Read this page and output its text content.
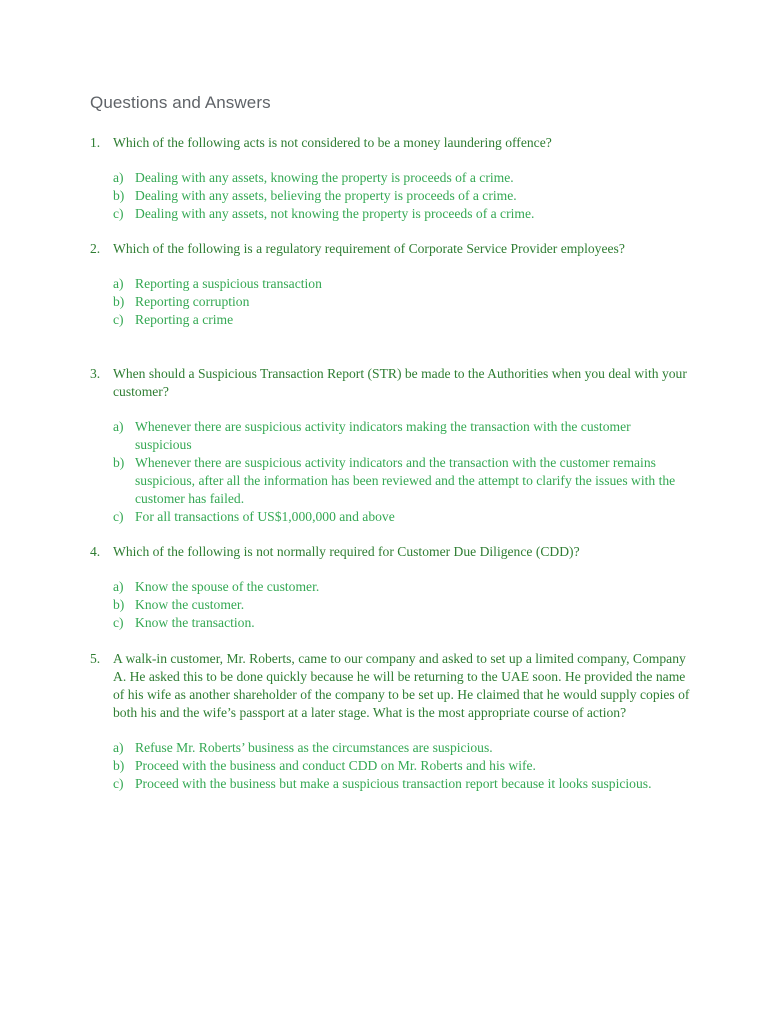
Questions and Answers
1. Which of the following acts is not considered to be a money laundering offence?
a) Dealing with any assets, knowing the property is proceeds of a crime.
b) Dealing with any assets, believing the property is proceeds of a crime.
c) Dealing with any assets, not knowing the property is proceeds of a crime.
2. Which of the following is a regulatory requirement of Corporate Service Provider employees?
a) Reporting a suspicious transaction
b) Reporting corruption
c) Reporting a crime
3. When should a Suspicious Transaction Report (STR) be made to the Authorities when you deal with your customer?
a) Whenever there are suspicious activity indicators making the transaction with the customer suspicious
b) Whenever there are suspicious activity indicators and the transaction with the customer remains suspicious, after all the information has been reviewed and the attempt to clarify the issues with the customer has failed.
c) For all transactions of US$1,000,000 and above
4. Which of the following is not normally required for Customer Due Diligence (CDD)?
a) Know the spouse of the customer.
b) Know the customer.
c) Know the transaction.
5. A walk-in customer, Mr. Roberts, came to our company and asked to set up a limited company, Company A. He asked this to be done quickly because he will be returning to the UAE soon. He provided the name of his wife as another shareholder of the company to be set up. He claimed that he would supply copies of both his and the wife’s passport at a later stage. What is the most appropriate course of action?
a) Refuse Mr. Roberts’ business as the circumstances are suspicious.
b) Proceed with the business and conduct CDD on Mr. Roberts and his wife.
c) Proceed with the business but make a suspicious transaction report because it looks suspicious.
